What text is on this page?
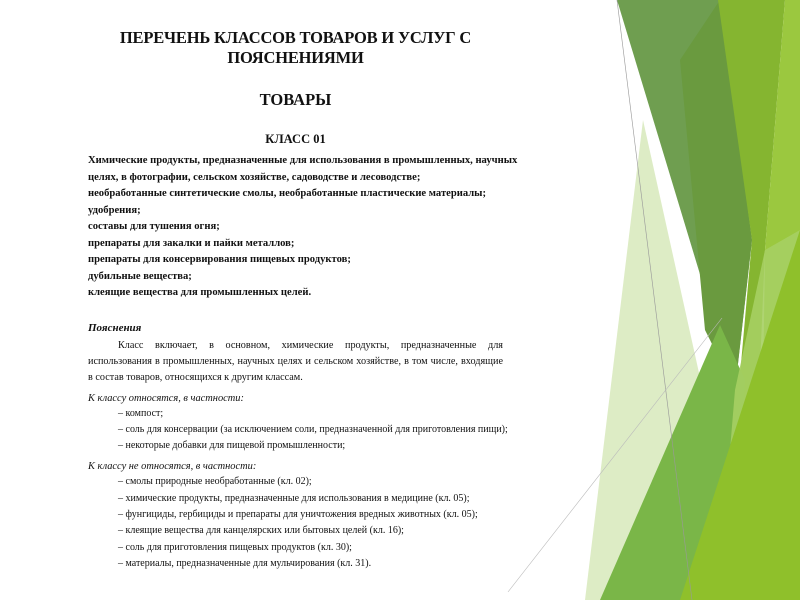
ПЕРЕЧЕНЬ КЛАССОВ ТОВАРОВ И УСЛУГ С
ПОЯСНЕНИЯМИ

ТОВАРЫ

КЛАСС 01

Химические продукты, предназначенные для использования в промышленных, научных
целях, в фотографии, сельском хозяйстве, садоводстве и лесоводстве;
необработанные синтетические смолы, необработанные пластические материалы;
удобрения;
составы для тушения огня;
препараты для закалки и пайки металлов;
препараты для консервирования пищевых продуктов;
дубильные вещества;
клеящие вещества для промышленных целей.
Пояснения
Класс включает, в основном, химические продукты, предназначенные для использования в промышленных, научных целях и сельском хозяйстве, в том числе, входящие в состав товаров, относящихся к другим классам.
К классу относятся, в частности:
– компост;
– соль для консервации (за исключением соли, предназначенной для приготовления пищи);
– некоторые добавки для пищевой промышленности;
К классу не относятся, в частности:
– смолы природные необработанные (кл. 02);
– химические продукты, предназначенные для использования в медицине (кл. 05);
– фунгициды, гербициды и препараты для уничтожения вредных животных (кл. 05);
– клеящие вещества для канцелярских или бытовых целей (кл. 16);
– соль для приготовления пищевых продуктов (кл. 30);
– материалы, предназначенные для мульчирования (кл. 31).
